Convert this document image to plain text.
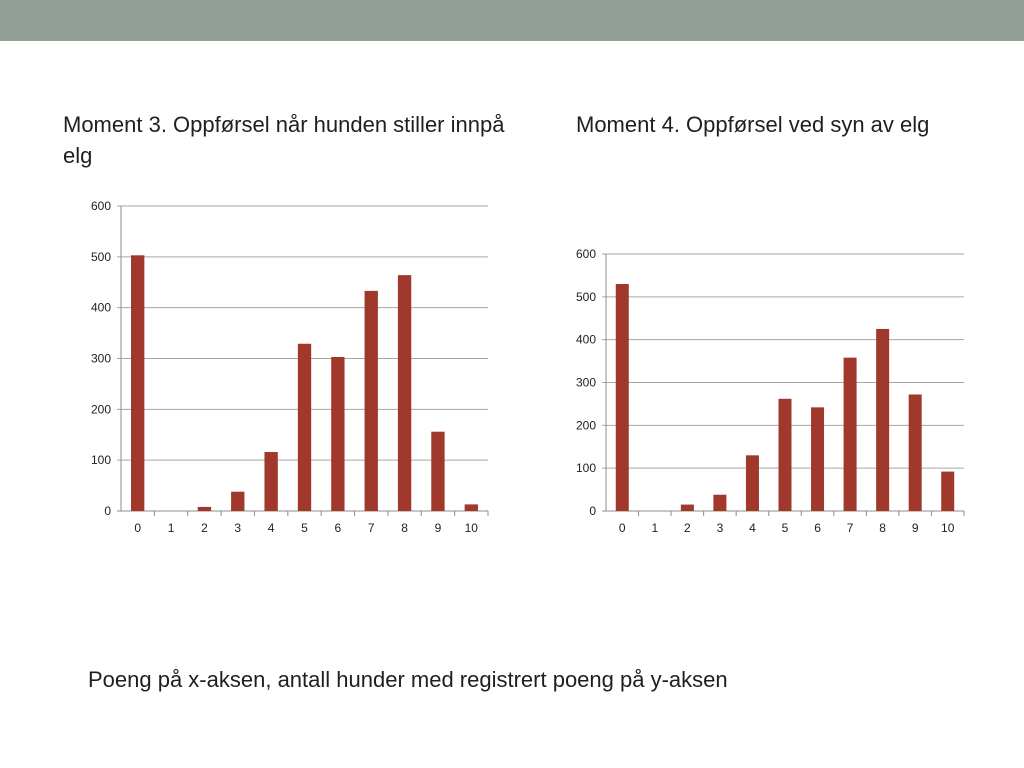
Moment 3. Oppførsel når hunden stiller innpå elg
Moment 4. Oppførsel ved syn av elg
0
100
200
300
400
500
600
0 1 2 3 4 5 6 7 8 9 10
0
100
200
300
400
500
600
0 1 2 3 4 5 6 7 8 9 10
Poeng på x-aksen, antall hunder med registrert poeng på y-aksen
